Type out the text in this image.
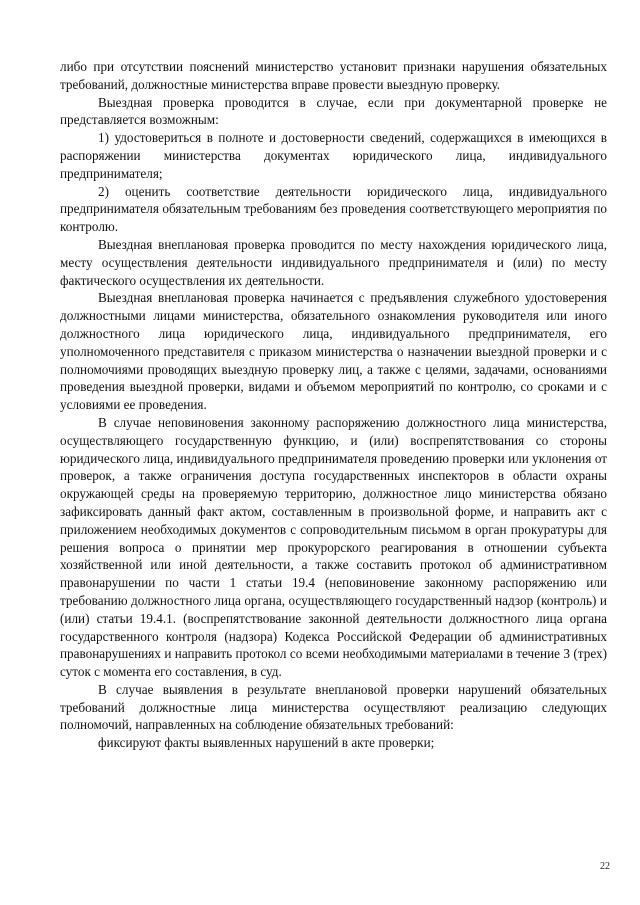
либо при отсутствии пояснений министерство установит признаки нарушения обязательных требований, должностные министерства вправе провести выездную проверку.

Выездная проверка проводится в случае, если при документарной проверке не представляется возможным:

1) удостовериться в полноте и достоверности сведений, содержащихся в имеющихся в распоряжении министерства документах юридического лица, индивидуального предпринимателя;

2) оценить соответствие деятельности юридического лица, индивидуального предпринимателя обязательным требованиям без проведения соответствующего мероприятия по контролю.

Выездная внеплановая проверка проводится по месту нахождения юридического лица, месту осуществления деятельности индивидуального предпринимателя и (или) по месту фактического осуществления их деятельности.

Выездная внеплановая проверка начинается с предъявления служебного удостоверения должностными лицами министерства, обязательного ознакомления руководителя или иного должностного лица юридического лица, индивидуального предпринимателя, его уполномоченного представителя с приказом министерства о назначении выездной проверки и с полномочиями проводящих выездную проверку лиц, а также с целями, задачами, основаниями проведения выездной проверки, видами и объемом мероприятий по контролю, со сроками и с условиями ее проведения.

В случае неповиновения законному распоряжению должностного лица министерства, осуществляющего государственную функцию, и (или) воспрепятствования со стороны юридического лица, индивидуального предпринимателя проведению проверки или уклонения от проверок, а также ограничения доступа государственных инспекторов в области охраны окружающей среды на проверяемую территорию, должностное лицо министерства обязано зафиксировать данный факт актом, составленным в произвольной форме, и направить акт с приложением необходимых документов с сопроводительным письмом в орган прокуратуры для решения вопроса о принятии мер прокурорского реагирования в отношении субъекта хозяйственной или иной деятельности, а также составить протокол об административном правонарушении по части 1 статьи 19.4 (неповиновение законному распоряжению или требованию должностного лица органа, осуществляющего государственный надзор (контроль) и (или) статьи 19.4.1. (воспрепятствование законной деятельности должностного лица органа государственного контроля (надзора) Кодекса Российской Федерации об административных правонарушениях и направить протокол со всеми необходимыми материалами в течение 3 (трех) суток с момента его составления, в суд.

В случае выявления в результате внеплановой проверки нарушений обязательных требований должностные лица министерства осуществляют реализацию следующих полномочий, направленных на соблюдение обязательных требований:

фиксируют факты выявленных нарушений в акте проверки;

22
